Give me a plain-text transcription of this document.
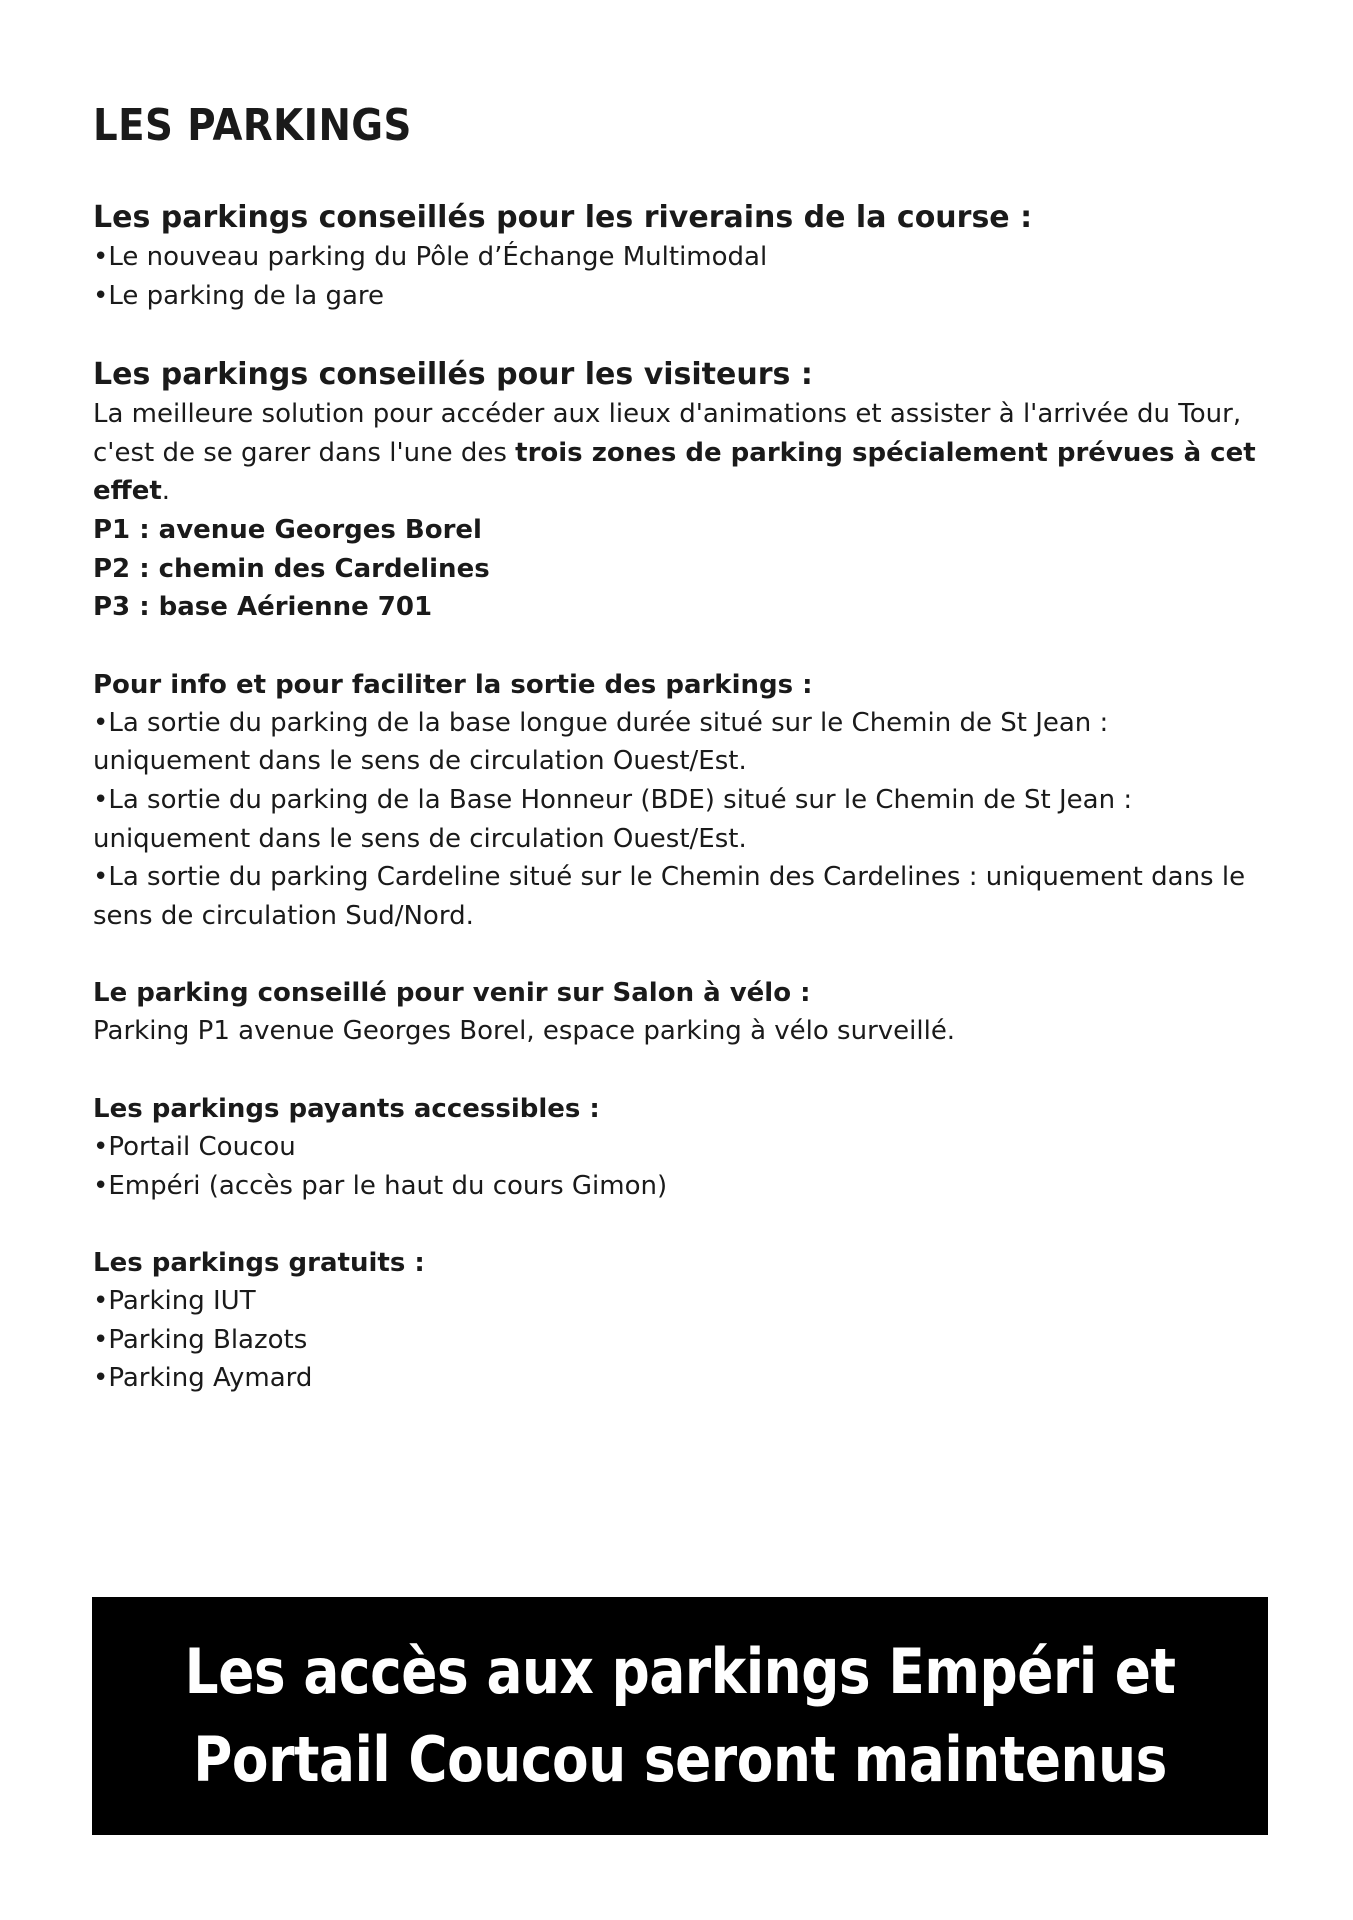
LES PARKINGS

Les parkings conseillés pour les riverains de la course :

•Le nouveau parking du Pôle d’Échange Multimodal

•Le parking de la gare

Les parkings conseillés pour les visiteurs :

La meilleure solution pour accéder aux lieux d'animations et assister à l'arrivée du Tour, c'est de se garer dans l'une des trois zones de parking spécialement prévues à cet effet.

P1 : avenue Georges Borel

P2 : chemin des Cardelines

P3 : base Aérienne 701

Pour info et pour faciliter la sortie des parkings :

•La sortie du parking de la base longue durée situé sur le Chemin de St Jean : uniquement dans le sens de circulation Ouest/Est.

•La sortie du parking de la Base Honneur (BDE) situé sur le Chemin de St Jean : uniquement dans le sens de circulation Ouest/Est.

•La sortie du parking Cardeline situé sur le Chemin des Cardelines : uniquement dans le sens de circulation Sud/Nord.

Le parking conseillé pour venir sur Salon à vélo :

Parking P1 avenue Georges Borel, espace parking à vélo surveillé.

Les parkings payants accessibles :

•Portail Coucou

•Empéri (accès par le haut du cours Gimon)

Les parkings gratuits :

•Parking IUT

•Parking Blazots

•Parking Aymard

Les accès aux parkings Empéri et
Portail Coucou seront maintenus
